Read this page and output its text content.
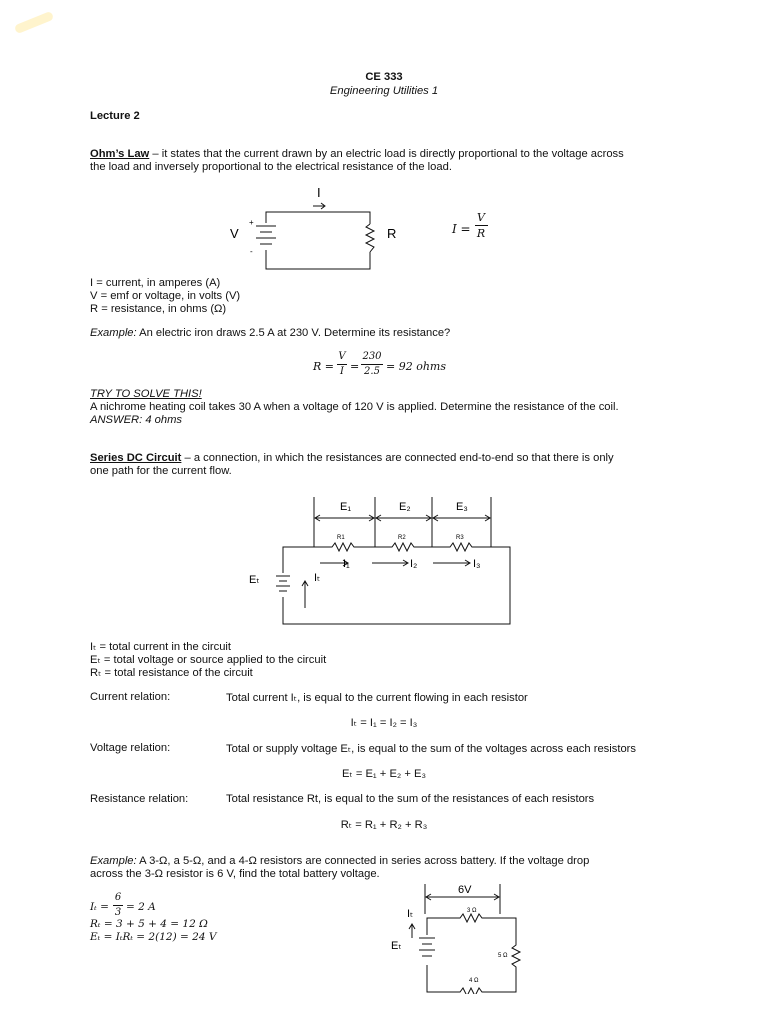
CE 333
Engineering Utilities 1
Lecture 2
Ohm’s Law – it states that the current drawn by an electric load is directly proportional to the voltage across
the load and inversely proportional to the electrical resistance of the load.
I
+
-
V	R	I =
V
R
I = current, in amperes (A)
V = emf or voltage, in volts (V)
R = resistance, in ohms (Ω)
Example: An electric iron draws 2.5 A at 230 V. Determine its resistance?
R =
V
I =
230
2.5 = 92 ohms
TRY TO SOLVE THIS!
A nichrome heating coil takes 30 A when a voltage of 120 V is applied. Determine the resistance of the coil.
ANSWER: 4 ohms
Series DC Circuit – a connection, in which the resistances are connected end-to-end so that there is only
one path for the current flow.
E₁	E₂	E₃
R1	R2	R3
I₁	I₂	I₃
Eₜ	Iₜ
Iₜ = total current in the circuit
Eₜ = total voltage or source applied to the circuit
Rₜ = total resistance of the circuit
Current relation:	Total current Iₜ, is equal to the current flowing in each resistor
Iₜ = I₁ = I₂ = I₃
Voltage relation:	Total or supply voltage Eₜ, is equal to the sum of the voltages across each resistors
Eₜ = E₁ + E₂ + E₃
Resistance relation:	Total resistance Rt, is equal to the sum of the resistances of each resistors
Rₜ = R₁ + R₂ + R₃
Example: A 3-Ω, a 5-Ω, and a 4-Ω resistors are connected in series across battery. If the voltage drop
across the 3-Ω resistor is 6 V, find the total battery voltage.
Iₜ =
6
3 = 2 A
Rₜ = 3 + 5 + 4 = 12 Ω
Eₜ = IₜRₜ = 2(12) = 24 V
6V
3 Ω
5 Ω
4 Ω
Iₜ
Eₜ
